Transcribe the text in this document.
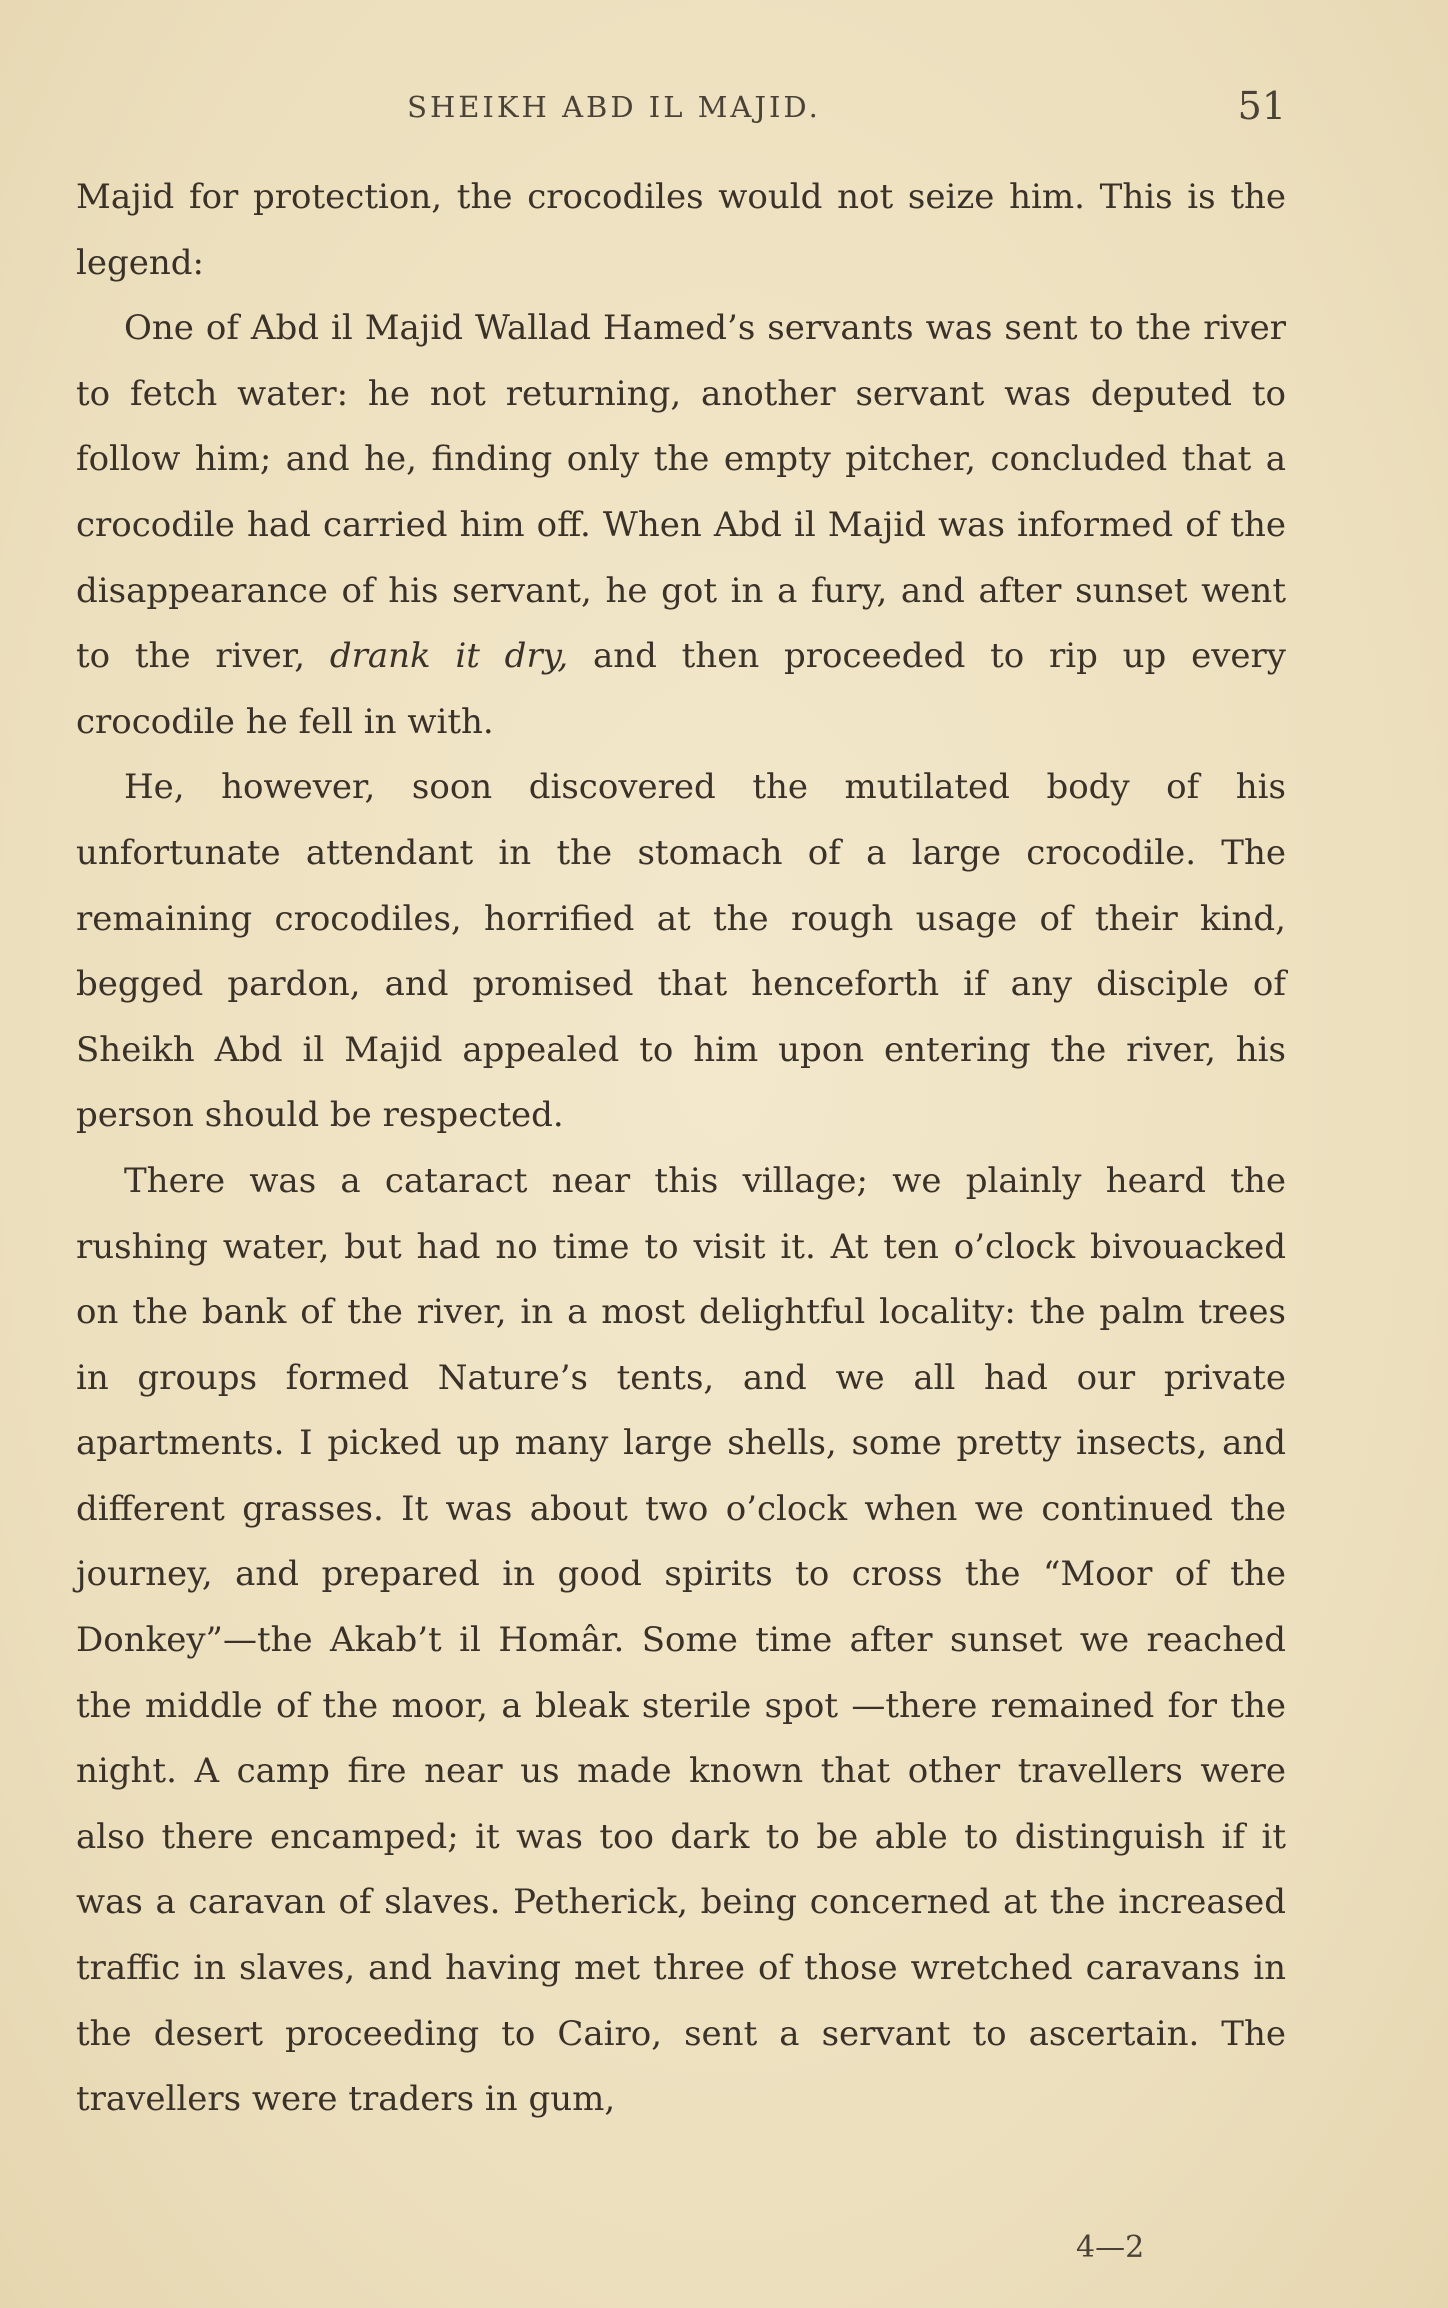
SHEIKH ABD IL MAJID.	51

Majid for protection, the crocodiles would not seize him. This is the legend:

One of Abd il Majid Wallad Hamed’s servants was sent to the river to fetch water: he not returning, another servant was deputed to follow him; and he, finding only the empty pitcher, concluded that a crocodile had carried him off. When Abd il Majid was informed of the disappearance of his servant, he got in a fury, and after sunset went to the river, drank it dry, and then proceeded to rip up every crocodile he fell in with.

He, however, soon discovered the mutilated body of his unfortunate attendant in the stomach of a large crocodile. The remaining crocodiles, horrified at the rough usage of their kind, begged pardon, and promised that henceforth if any disciple of Sheikh Abd il Majid appealed to him upon entering the river, his person should be respected.

There was a cataract near this village; we plainly heard the rushing water, but had no time to visit it. At ten o’clock bivouacked on the bank of the river, in a most delightful locality: the palm trees in groups formed Nature’s tents, and we all had our private apartments. I picked up many large shells, some pretty insects, and different grasses. It was about two o’clock when we continued the journey, and prepared in good spirits to cross the “Moor of the Donkey”—the Akab’t il Homâr. Some time after sunset we reached the middle of the moor, a bleak sterile spot —there remained for the night. A camp fire near us made known that other travellers were also there encamped; it was too dark to be able to distinguish if it was a caravan of slaves. Petherick, being concerned at the increased traffic in slaves, and having met three of those wretched caravans in the desert proceeding to Cairo, sent a servant to ascertain. The travellers were traders in gum,

4—2
